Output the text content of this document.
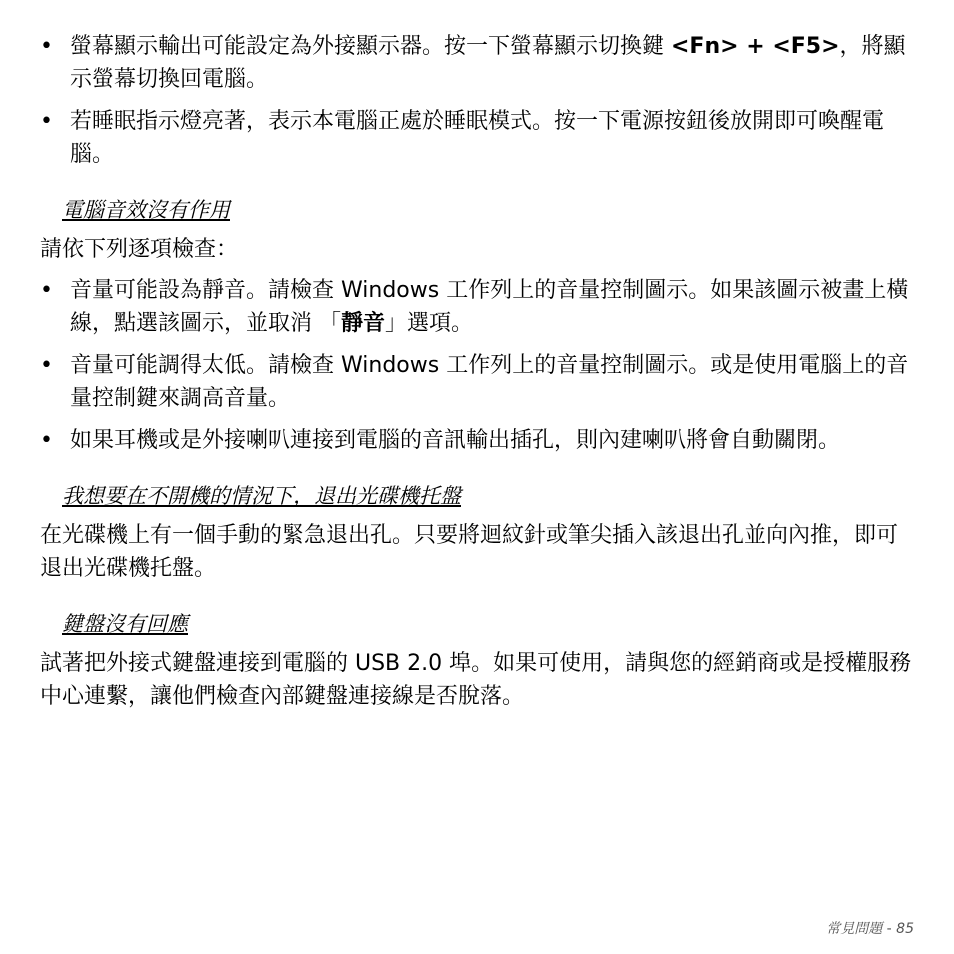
• 螢幕顯示輸出可能設定為外接顯示器。按一下螢幕顯示切換鍵 <Fn> + <F5>，將顯示螢幕切換回電腦。
• 若睡眠指示燈亮著，表示本電腦正處於睡眠模式。按一下電源按鈕後放開即可喚醒電腦。
電腦音效沒有作用
請依下列逐項檢查：
• 音量可能設為靜音。請檢查 Windows 工作列上的音量控制圖示。如果該圖示被畫上橫線，點選該圖示，並取消 「靜音」選項。
• 音量可能調得太低。請檢查 Windows 工作列上的音量控制圖示。或是使用電腦上的音量控制鍵來調高音量。
• 如果耳機或是外接喇叭連接到電腦的音訊輸出插孔，則內建喇叭將會自動關閉。
我想要在不開機的情況下，退出光碟機托盤
在光碟機上有一個手動的緊急退出孔。只要將迴紋針或筆尖插入該退出孔並向內推，即可退出光碟機托盤。
鍵盤沒有回應
試著把外接式鍵盤連接到電腦的 USB 2.0 埠。如果可使用，請與您的經銷商或是授權服務中心連繫，讓他們檢查內部鍵盤連接線是否脫落。
常見問題 - 85
